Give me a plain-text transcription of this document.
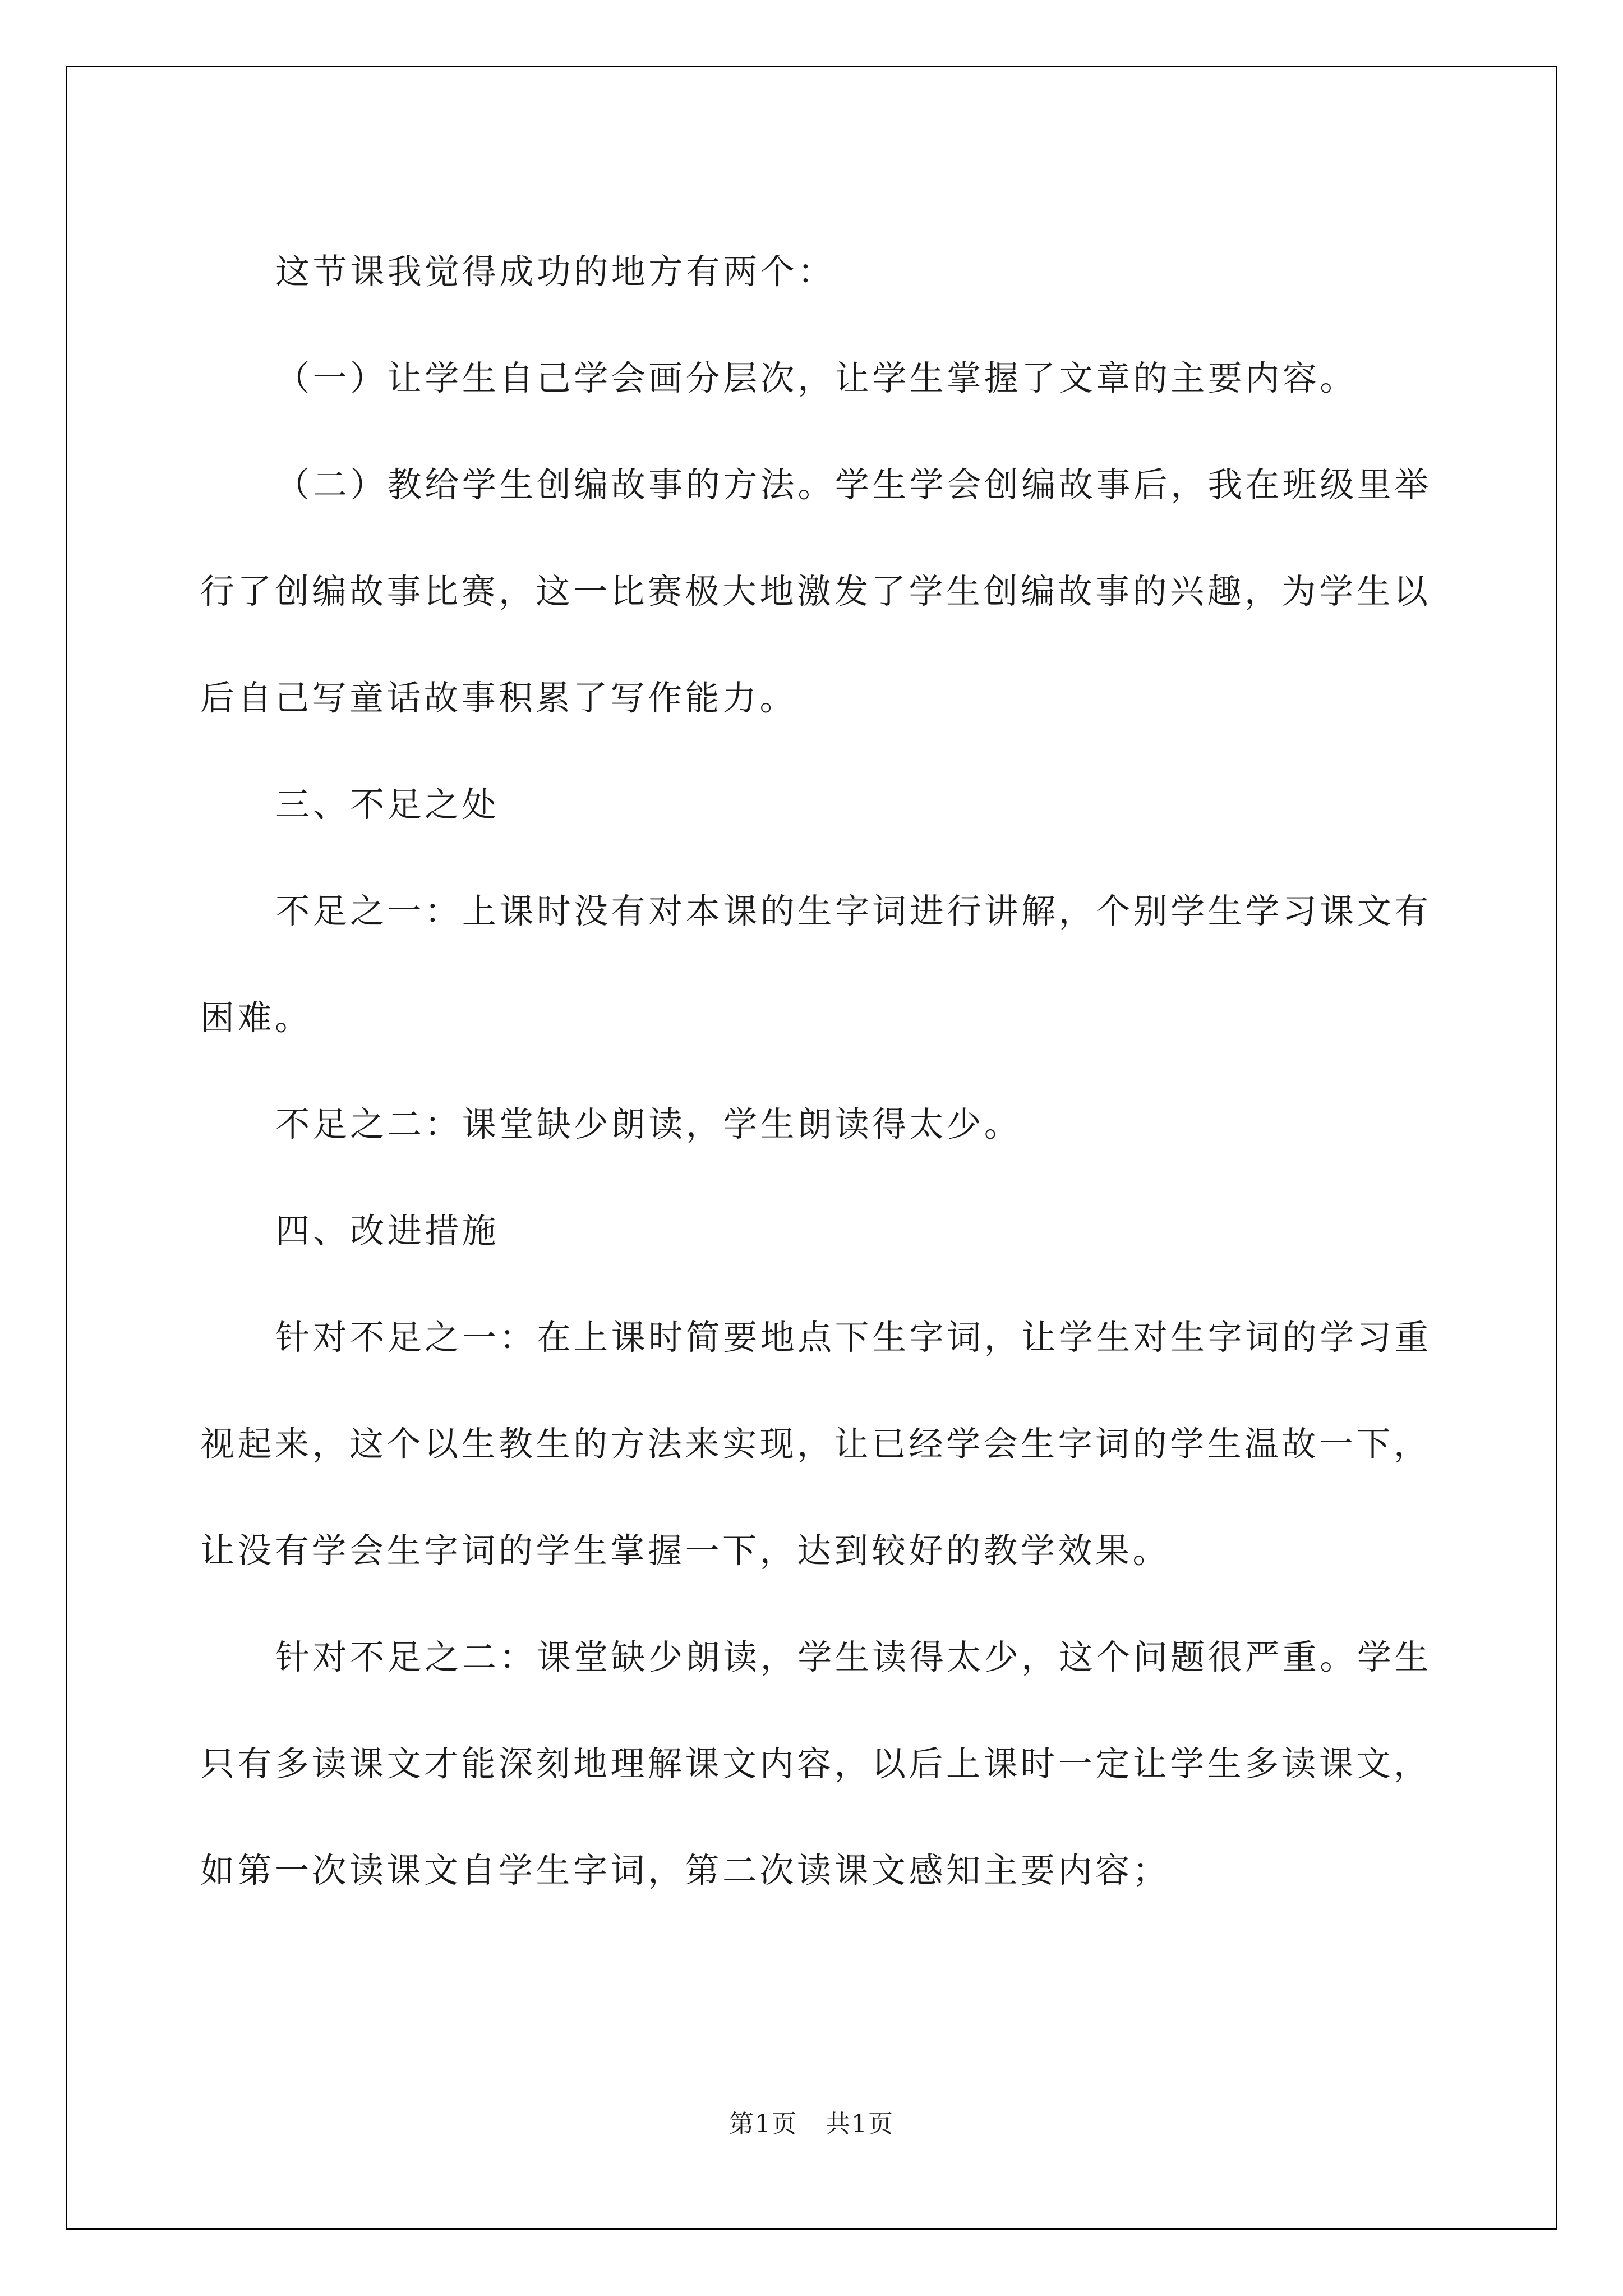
这节课我觉得成功的地方有两个：

（一）让学生自己学会画分层次，让学生掌握了文章的主要内容。

（二）教给学生创编故事的方法。学生学会创编故事后，我在班级里举行了创编故事比赛，这一比赛极大地激发了学生创编故事的兴趣，为学生以后自己写童话故事积累了写作能力。

三、不足之处

不足之一：上课时没有对本课的生字词进行讲解，个别学生学习课文有困难。

不足之二：课堂缺少朗读，学生朗读得太少。

四、改进措施

针对不足之一：在上课时简要地点下生字词，让学生对生字词的学习重视起来，这个以生教生的方法来实现，让已经学会生字词的学生温故一下，让没有学会生字词的学生掌握一下，达到较好的教学效果。

针对不足之二：课堂缺少朗读，学生读得太少，这个问题很严重。学生只有多读课文才能深刻地理解课文内容，以后上课时一定让学生多读课文，如第一次读课文自学生字词，第二次读课文感知主要内容；

第1页 共1页
